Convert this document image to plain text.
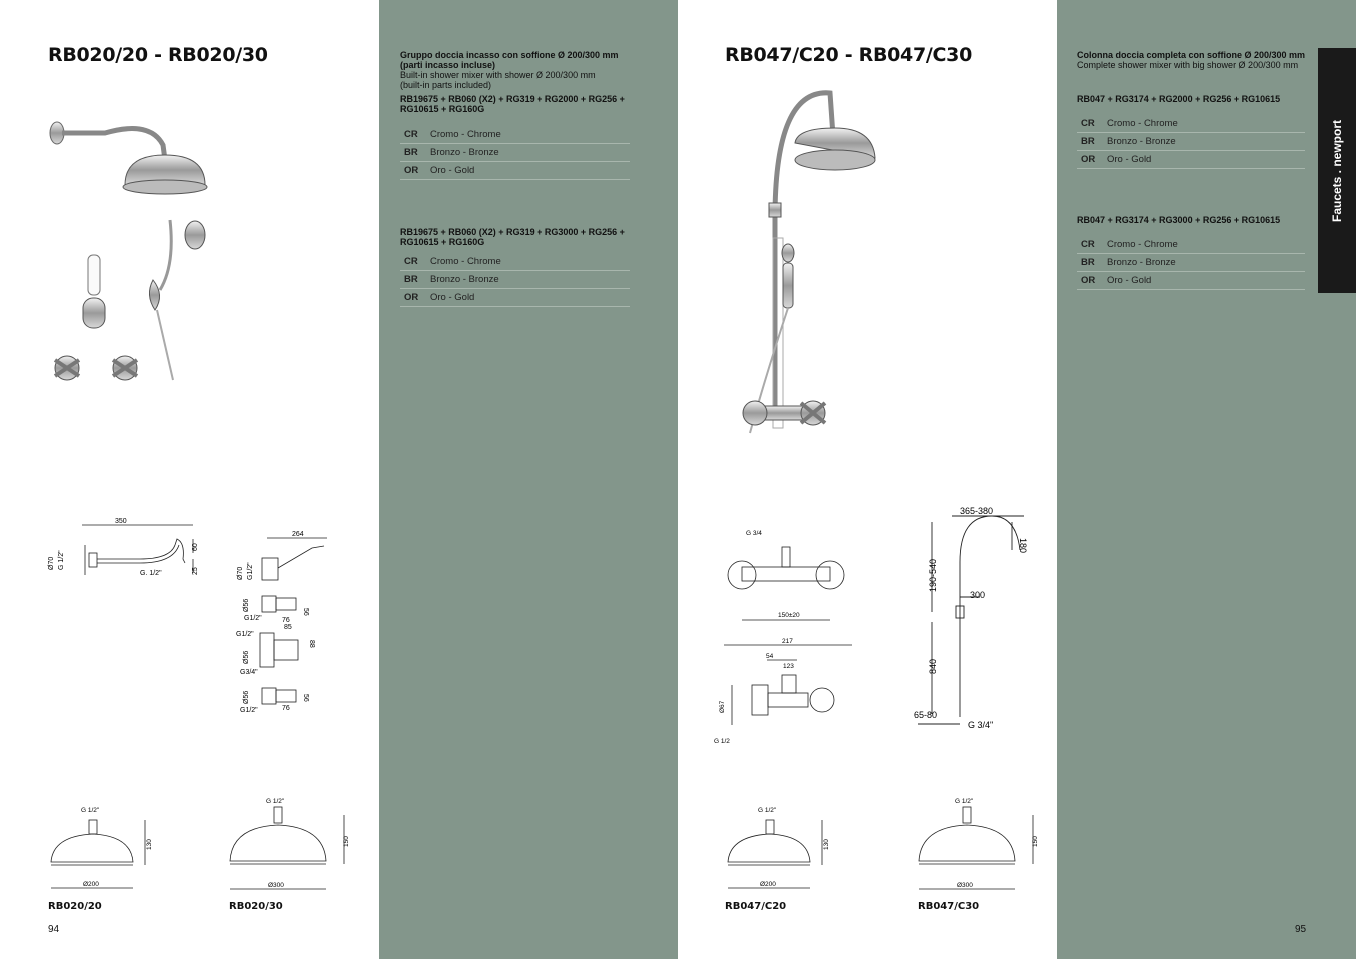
RB020/20 - RB020/30	Gruppo doccia incasso con soffione Ø 200/300 mm (parti incasso incluse)
Built-in shower mixer with shower Ø 200/300 mm (built-in parts included)
RB19675 + RB060 (X2) + RG319 + RG2000 + RG256 + RG10615 + RG160G
CR	Cromo - Chrome
BR	Bronzo - Bronze
OR	Oro - Gold
RB19675 + RB060 (X2) + RG319 + RG3000 + RG256 + RG10615 + RG160G
CR	Cromo - Chrome
BR	Bronzo - Bronze
OR	Oro - Gold
350
Ø70 G 1/2"
G. 1/2"
60
25
264
Ø70 G1/2"
Ø56
G1/2"	76
56
G1/2"
85
88
Ø56
G3/4"
Ø56
G1/2"	76
56
G 1/2"
130
Ø200
G 1/2"
150
Ø300
RB020/20	RB020/30
94
RB047/C20 - RB047/C30	Colonna doccia completa con soffione Ø 200/300 mm
Complete shower mixer with big shower Ø 200/300 mm
RB047 + RG3174 + RG2000 + RG256 + RG10615
CR	Cromo - Chrome
BR	Bronzo - Bronze
OR	Oro - Gold
RB047 + RG3174 + RG3000 + RG256 + RG10615
CR	Cromo - Chrome
BR	Bronzo - Bronze
OR	Oro - Gold
Faucets . newport
G 3/4
150±20
217
54
123
Ø67
G 1/2
365-380
180
190-540
300
840
65-80
G 3/4"
G 1/2"
130
Ø200
G 1/2"
150
Ø300
RB047/C20	RB047/C30
95
